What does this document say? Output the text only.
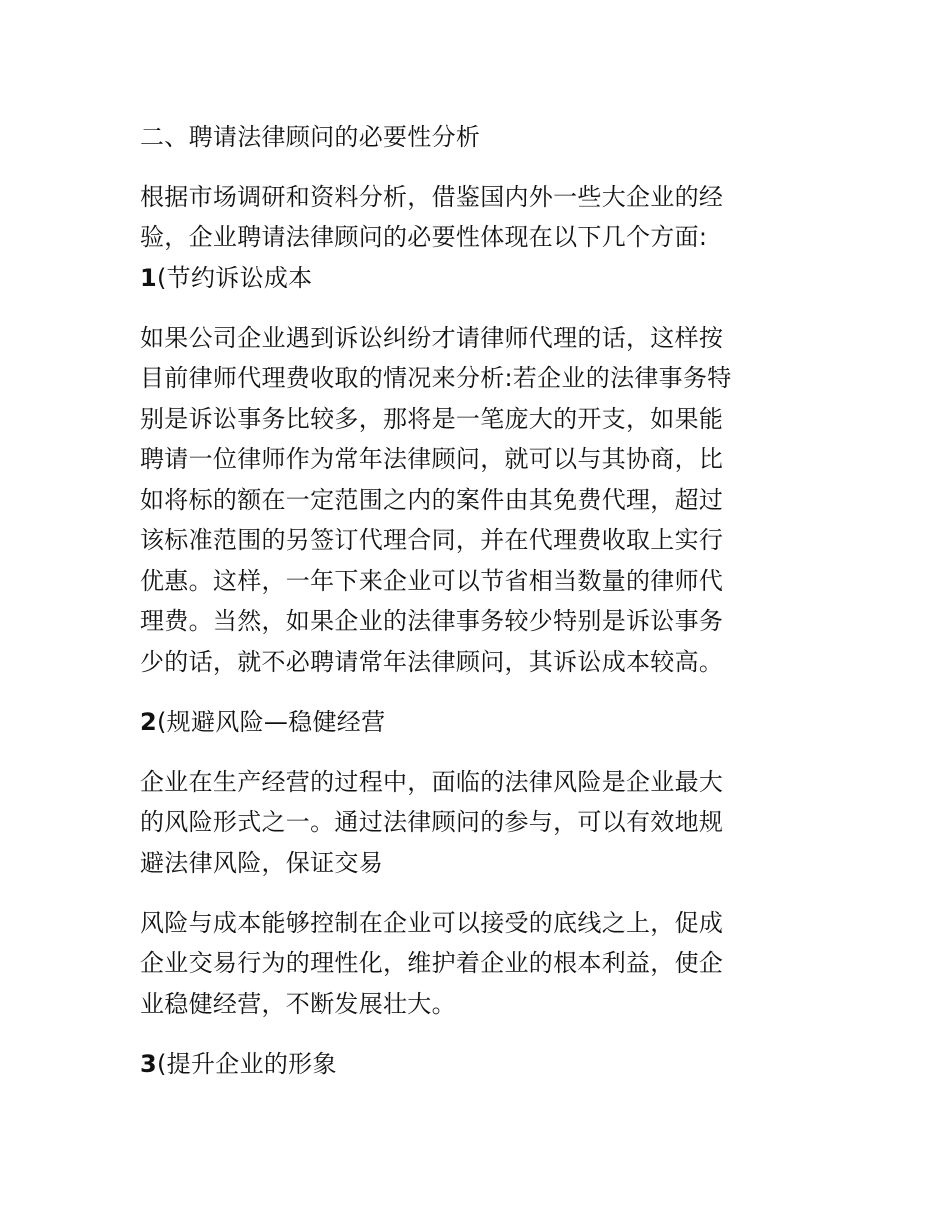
二、聘请法律顾问的必要性分析
根据市场调研和资料分析，借鉴国内外一些大企业的经
验，企业聘请法律顾问的必要性体现在以下几个方面:
1(节约诉讼成本
如果公司企业遇到诉讼纠纷才请律师代理的话，这样按
目前律师代理费收取的情况来分析:若企业的法律事务特
别是诉讼事务比较多，那将是一笔庞大的开支，如果能
聘请一位律师作为常年法律顾问，就可以与其协商，比
如将标的额在一定范围之内的案件由其免费代理，超过
该标准范围的另签订代理合同，并在代理费收取上实行
优惠。这样，一年下来企业可以节省相当数量的律师代
理费。当然，如果企业的法律事务较少特别是诉讼事务
少的话，就不必聘请常年法律顾问，其诉讼成本较高。
2(规避风险—稳健经营
企业在生产经营的过程中，面临的法律风险是企业最大
的风险形式之一。通过法律顾问的参与，可以有效地规
避法律风险，保证交易
风险与成本能够控制在企业可以接受的底线之上，促成
企业交易行为的理性化，维护着企业的根本利益，使企
业稳健经营，不断发展壮大。
3(提升企业的形象
